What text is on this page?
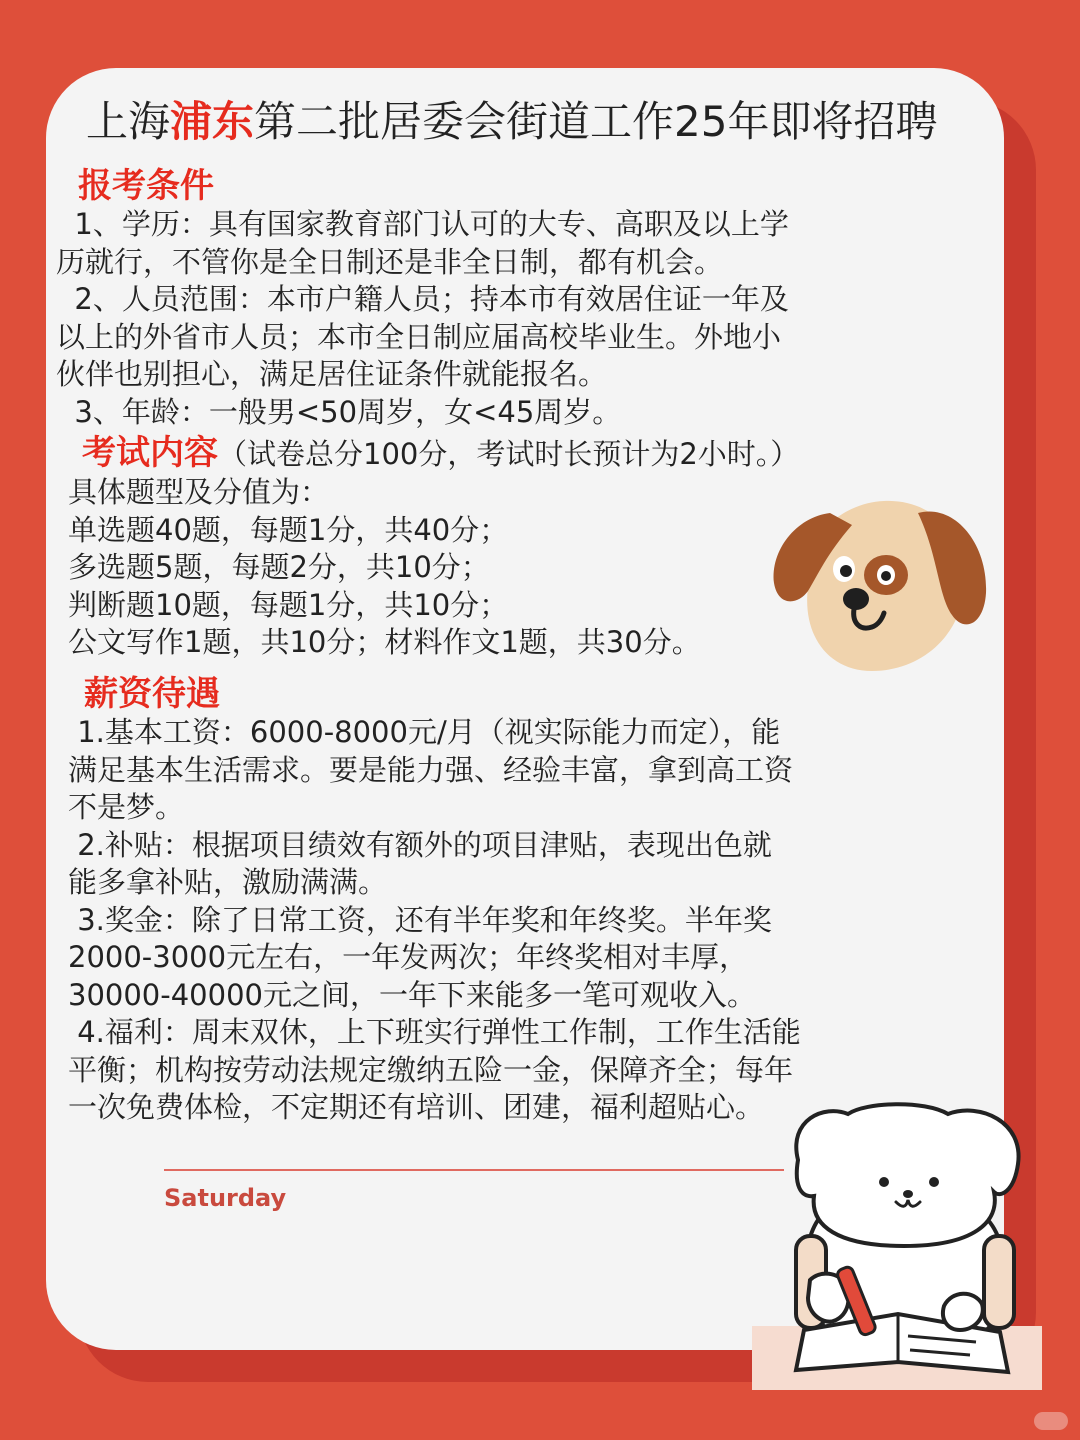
上海浦东第二批居委会街道工作25年即将招聘
报考条件
1、学历：具有国家教育部门认可的大专、高职及以上学
历就行，不管你是全日制还是非全日制，都有机会。
2、人员范围：本市户籍人员；持本市有效居住证一年及
以上的外省市人员；本市全日制应届高校毕业生。外地小
伙伴也别担心，满足居住证条件就能报名。
3、年龄：一般男<50周岁，女<45周岁。
考试内容（试卷总分100分，考试时长预计为2小时。）
具体题型及分值为：
单选题40题，每题1分，共40分；
多选题5题，每题2分，共10分；
判断题10题，每题1分，共10分；
公文写作1题，共10分；材料作文1题，共30分。
薪资待遇
1.基本工资：6000-8000元/月（视实际能力而定），能
满足基本生活需求。要是能力强、经验丰富，拿到高工资
不是梦。
2.补贴：根据项目绩效有额外的项目津贴，表现出色就
能多拿补贴，激励满满。
3.奖金：除了日常工资，还有半年奖和年终奖。半年奖
2000-3000元左右，一年发两次；年终奖相对丰厚，
30000-40000元之间，一年下来能多一笔可观收入。
4.福利：周末双休，上下班实行弹性工作制，工作生活能
平衡；机构按劳动法规定缴纳五险一金，保障齐全；每年
一次免费体检，不定期还有培训、团建，福利超贴心。
Saturday
